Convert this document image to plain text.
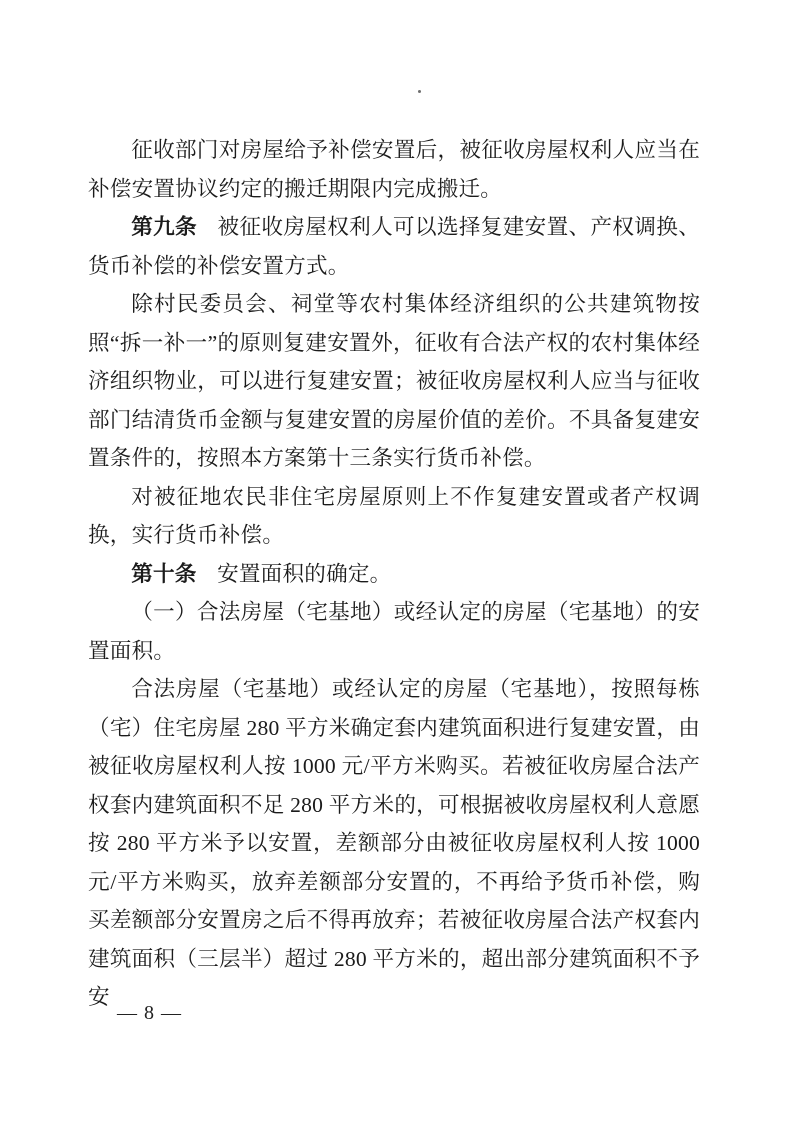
征收部门对房屋给予补偿安置后，被征收房屋权利人应当在补偿安置协议约定的搬迁期限内完成搬迁。

第九条 被征收房屋权利人可以选择复建安置、产权调换、货币补偿的补偿安置方式。

除村民委员会、祠堂等农村集体经济组织的公共建筑物按照“拆一补一”的原则复建安置外，征收有合法产权的农村集体经济组织物业，可以进行复建安置；被征收房屋权利人应当与征收部门结清货币金额与复建安置的房屋价值的差价。不具备复建安置条件的，按照本方案第十三条实行货币补偿。

对被征地农民非住宅房屋原则上不作复建安置或者产权调换，实行货币补偿。

第十条 安置面积的确定。

（一）合法房屋（宅基地）或经认定的房屋（宅基地）的安置面积。

合法房屋（宅基地）或经认定的房屋（宅基地），按照每栋（宅）住宅房屋 280 平方米确定套内建筑面积进行复建安置，由被征收房屋权利人按 1000 元/平方米购买。若被征收房屋合法产权套内建筑面积不足 280 平方米的，可根据被收房屋权利人意愿按 280 平方米予以安置，差额部分由被征收房屋权利人按 1000 元/平方米购买，放弃差额部分安置的，不再给予货币补偿，购买差额部分安置房之后不得再放弃；若被征收房屋合法产权套内建筑面积（三层半）超过 280 平方米的，超出部分建筑面积不予安

— 8 —
